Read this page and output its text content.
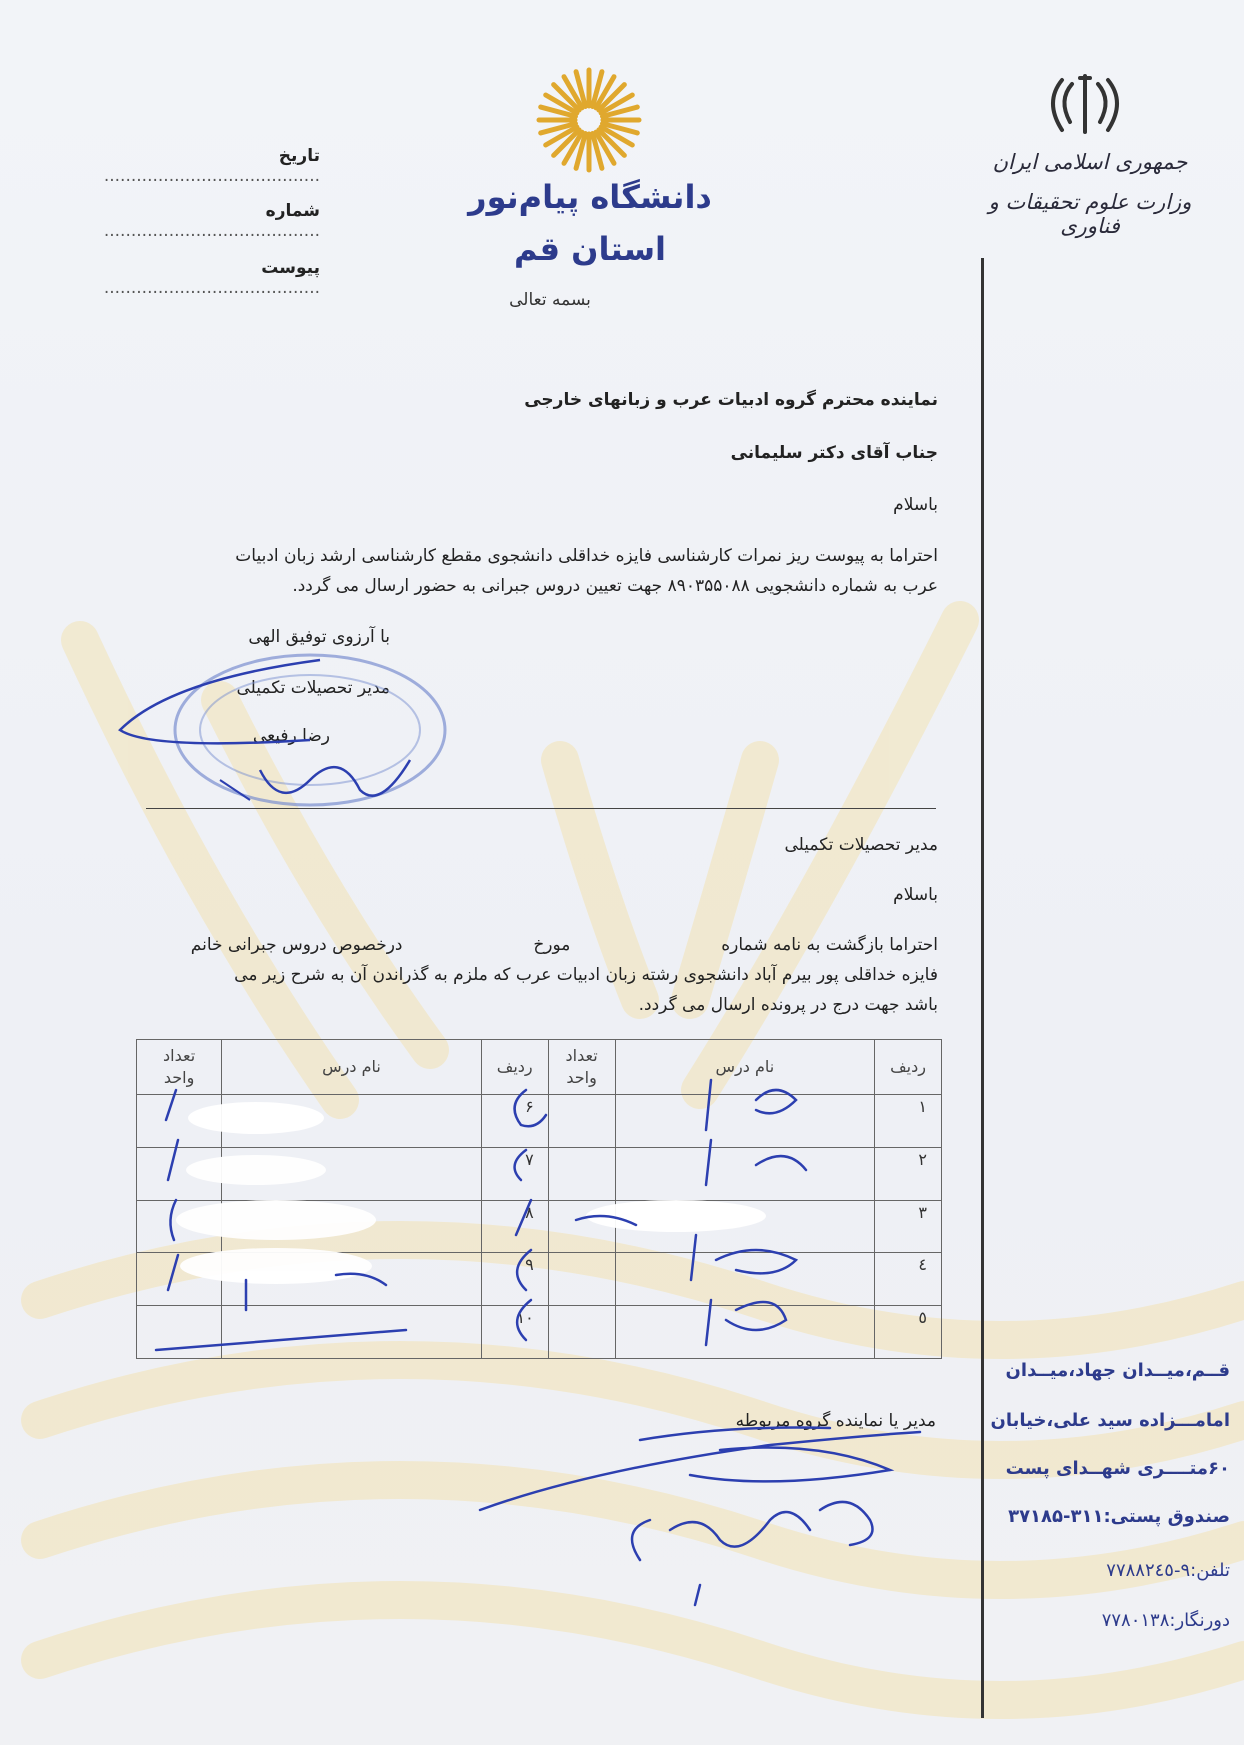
جمهوری اسلامی ایران
وزارت علوم تحقیقات و فناوری
دانشگاه پیام‌نور
استان قم
بسمه تعالی
تاریخ ........................................
شماره ........................................
پیوست ........................................
نماینده محترم گروه ادبیات عرب و زبانهای خارجی
جناب آقای دکتر سلیمانی
باسلام
احتراما به پیوست ریز نمرات کارشناسی فایزه خداقلی دانشجوی مقطع کارشناسی ارشد زبان ادبیات
عرب به شماره دانشجویی ۸۹۰۳۵۵۰۸۸ جهت تعیین دروس جبرانی به حضور ارسال می گردد.
با آرزوی توفیق الهی
مدیر تحصیلات تکمیلی
رضا رفیعی
مدیر تحصیلات تکمیلی
باسلام
احتراما بازگشت به نامه شماره  مورخ  درخصوص دروس جبرانی خانم
فایزه خداقلی پور بیرم آباد دانشجوی رشته زبان ادبیات عرب که ملزم به گذراندن آن به شرح زیر می
باشد جهت درج در پرونده ارسال می گردد.
ردیف	نام درس	تعداد
واحد	ردیف	نام درس	تعداد
واحد
۱			۶		
۲			۷		
۳			۸		
٤			۹		
٥			۱۰		
مدیر یا نماینده گروه مربوطه
قــم،میــدان جهاد،میــدان
امامـــزاده سید علی،خیابان
۶۰متــــری شهــدای پست
صندوق پستی:۳۱۱-۳۷۱۸۵
تلفن:۹-۷۷۸۸۲٤٥
دورنگار:۷۷۸۰۱۳۸
